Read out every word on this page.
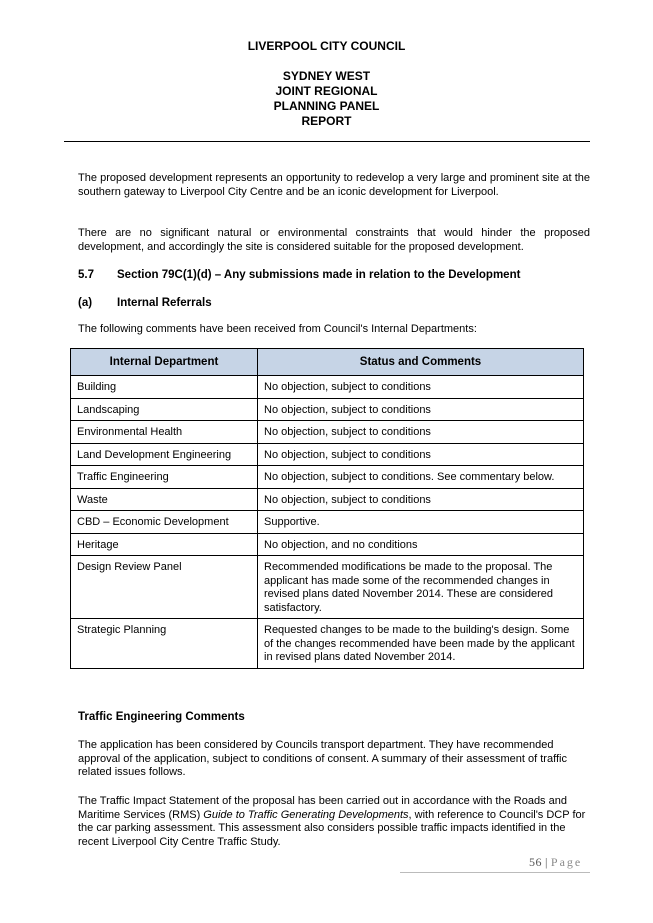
LIVERPOOL CITY COUNCIL
SYDNEY WEST
JOINT REGIONAL
PLANNING PANEL
REPORT
The proposed development represents an opportunity to redevelop a very large and prominent site at the southern gateway to Liverpool City Centre and be an iconic development for Liverpool.
There are no significant natural or environmental constraints that would hinder the proposed development, and accordingly the site is considered suitable for the proposed development.
5.7 Section 79C(1)(d) – Any submissions made in relation to the Development
(a) Internal Referrals
The following comments have been received from Council's Internal Departments:
Internal Department	Status and Comments
Building	No objection, subject to conditions
Landscaping	No objection, subject to conditions
Environmental Health	No objection, subject to conditions
Land Development Engineering	No objection, subject to conditions
Traffic Engineering	No objection, subject to conditions. See commentary below.
Waste	No objection, subject to conditions
CBD – Economic Development	Supportive.
Heritage	No objection, and no conditions
Design Review Panel	Recommended modifications be made to the proposal. The applicant has made some of the recommended changes in revised plans dated November 2014. These are considered satisfactory.
Strategic Planning	Requested changes to be made to the building's design. Some of the changes recommended have been made by the applicant in revised plans dated November 2014.
Traffic Engineering Comments
The application has been considered by Councils transport department. They have recommended approval of the application, subject to conditions of consent. A summary of their assessment of traffic related issues follows.
The Traffic Impact Statement of the proposal has been carried out in accordance with the Roads and Maritime Services (RMS) Guide to Traffic Generating Developments, with reference to Council's DCP for the car parking assessment. This assessment also considers possible traffic impacts identified in the recent Liverpool City Centre Traffic Study.
56 | Page
